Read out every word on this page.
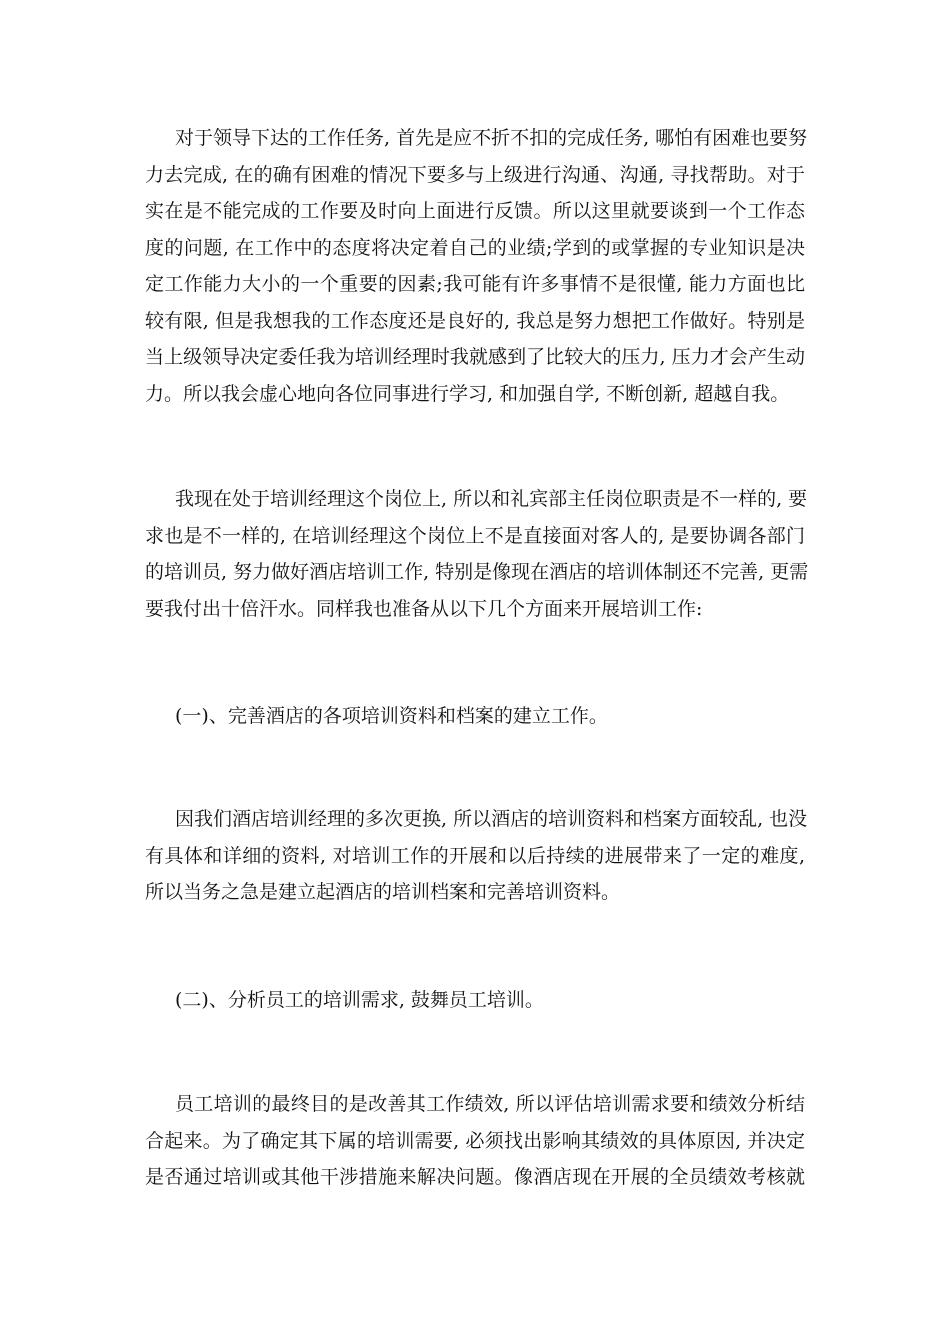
对于领导下达的工作任务, 首先是应不折不扣的完成任务, 哪怕有困难也要努
力去完成, 在的确有困难的情况下要多与上级进行沟通、沟通, 寻找帮助。对于
实在是不能完成的工作要及时向上面进行反馈。所以这里就要谈到一个工作态
度的问题, 在工作中的态度将决定着自己的业绩;学到的或掌握的专业知识是决
定工作能力大小的一个重要的因素;我可能有许多事情不是很懂, 能力方面也比
较有限, 但是我想我的工作态度还是良好的, 我总是努力想把工作做好。特别是
当上级领导决定委任我为培训经理时我就感到了比较大的压力, 压力才会产生动
力。所以我会虚心地向各位同事进行学习, 和加强自学, 不断创新, 超越自我。
我现在处于培训经理这个岗位上, 所以和礼宾部主任岗位职责是不一样的, 要
求也是不一样的, 在培训经理这个岗位上不是直接面对客人的, 是要协调各部门
的培训员, 努力做好酒店培训工作, 特别是像现在酒店的培训体制还不完善, 更需
要我付出十倍汗水。同样我也准备从以下几个方面来开展培训工作:
(一)、完善酒店的各项培训资料和档案的建立工作。
因我们酒店培训经理的多次更换, 所以酒店的培训资料和档案方面较乱, 也没
有具体和详细的资料, 对培训工作的开展和以后持续的进展带来了一定的难度,
所以当务之急是建立起酒店的培训档案和完善培训资料。
(二)、分析员工的培训需求, 鼓舞员工培训。
员工培训的最终目的是改善其工作绩效, 所以评估培训需求要和绩效分析结
合起来。为了确定其下属的培训需要, 必须找出影响其绩效的具体原因, 并决定
是否通过培训或其他干涉措施来解决问题。像酒店现在开展的全员绩效考核就
